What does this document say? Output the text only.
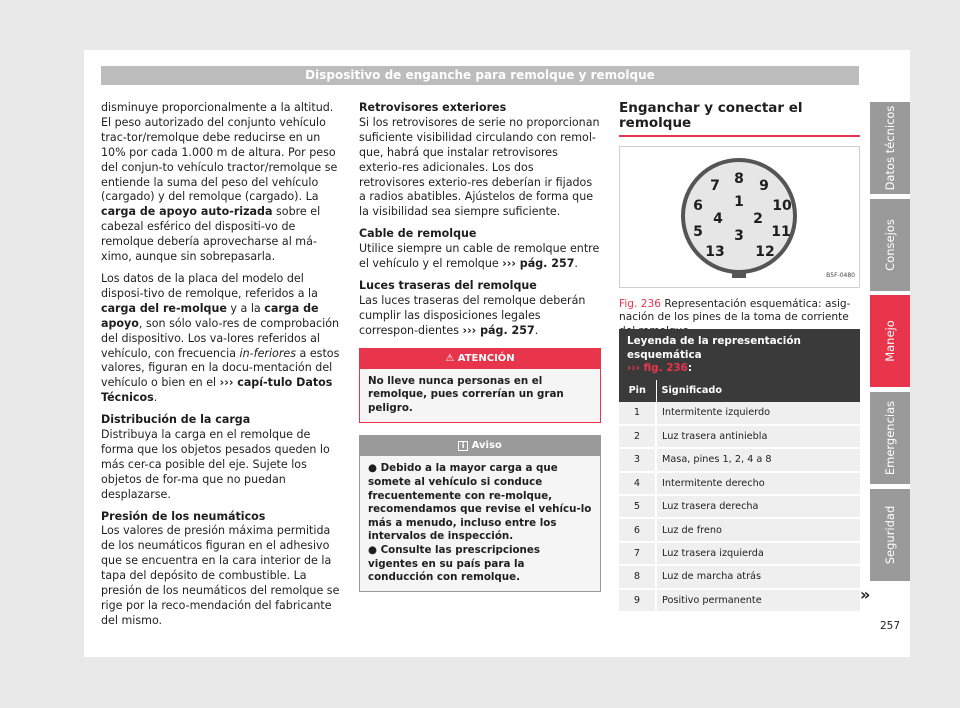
Dispositivo de enganche para remolque y remolque

disminuye proporcionalmente a la altitud. El peso autorizado del conjunto vehículo trac-tor/remolque debe reducirse en un 10% por cada 1.000 m de altura. Por peso del conjun-to vehículo tractor/remolque se entiende la suma del peso del vehículo (cargado) y del remolque (cargado). La carga de apoyo auto-rizada sobre el cabezal esférico del dispositi-vo de remolque debería aprovecharse al má-ximo, aunque sin sobrepasarla.

Los datos de la placa del modelo del disposi-tivo de remolque, referidos a la carga del re-molque y a la carga de apoyo, son sólo valo-res de comprobación del dispositivo. Los va-lores referidos al vehículo, con frecuencia in-feriores a estos valores, figuran en la docu-mentación del vehículo o bien en el ››› capí-tulo Datos Técnicos.

Distribución de la carga

Distribuya la carga en el remolque de forma que los objetos pesados queden lo más cer-ca posible del eje. Sujete los objetos de for-ma que no puedan desplazarse.

Presión de los neumáticos

Los valores de presión máxima permitida de los neumáticos figuran en el adhesivo que se encuentra en la cara interior de la tapa del depósito de combustible. La presión de los neumáticos del remolque se rige por la reco-mendación del fabricante del mismo.

Retrovisores exteriores

Si los retrovisores de serie no proporcionan suficiente visibilidad circulando con remol-que, habrá que instalar retrovisores exterio-res adicionales. Los dos retrovisores exterio-res deberían ir fijados a radios abatibles. Ajústelos de forma que la visibilidad sea siempre suficiente.

Cable de remolque

Utilice siempre un cable de remolque entre el vehículo y el remolque ››› pág. 257.

Luces traseras del remolque

Las luces traseras del remolque deberán cumplir las disposiciones legales correspon-dientes ››› pág. 257.

⚠ ATENCIÓN
No lleve nunca personas en el remolque, pues correrían un gran peligro.
i Aviso
● Debido a la mayor carga a que somete al vehículo si conduce frecuentemente con re-molque, recomendamos que revise el vehícu-lo más a menudo, incluso entre los intervalos de inspección.
● Consulte las prescripciones vigentes en su país para la conducción con remolque.
Enganchar y conectar el remolque
1
2
3
4
5
6
7 8 9
10
11
12
13
B5F-0480
Fig. 236 Representación esquemática: asig-nación de los pines de la toma de corriente
Leyenda de la representación esquemática
››› fig. 236:
Pin	Significado
1	Intermitente izquierdo
2	Luz trasera antiniebla
3	Masa, pines 1, 2, 4 a 8
4	Intermitente derecho
5	Luz trasera derecha
6	Luz de freno
7	Luz trasera izquierda
8	Luz de marcha atrás
9	Positivo permanente	»
Datos técnicos
Consejos
Manejo
Emergencias
Seguridad
257
